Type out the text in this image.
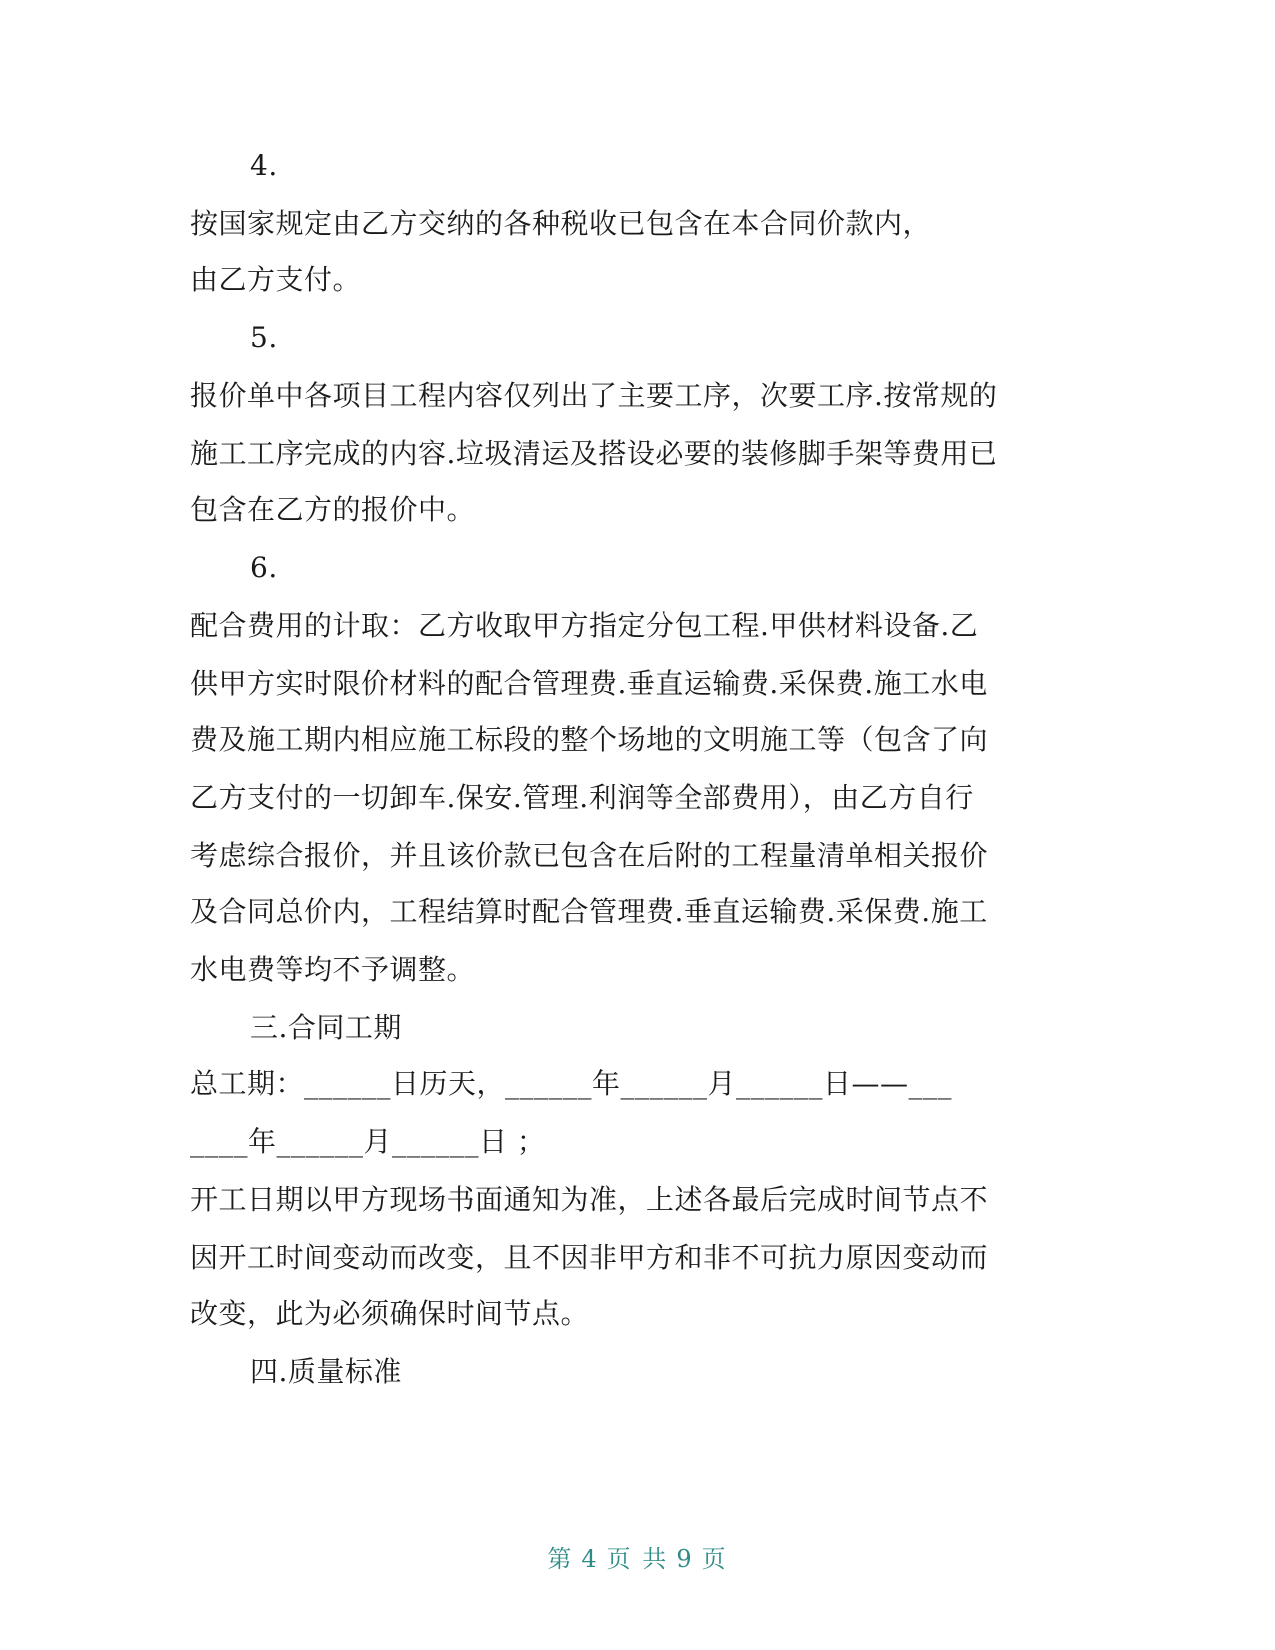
4.
按国家规定由乙方交纳的各种税收已包含在本合同价款内，
由乙方支付。
5.
报价单中各项目工程内容仅列出了主要工序，次要工序.按常规的
施工工序完成的内容.垃圾清运及搭设必要的装修脚手架等费用已
包含在乙方的报价中。
6.
配合费用的计取：乙方收取甲方指定分包工程.甲供材料设备.乙
供甲方实时限价材料的配合管理费.垂直运输费.采保费.施工水电
费及施工期内相应施工标段的整个场地的文明施工等（包含了向
乙方支付的一切卸车.保安.管理.利润等全部费用），由乙方自行
考虑综合报价，并且该价款已包含在后附的工程量清单相关报价
及合同总价内，工程结算时配合管理费.垂直运输费.采保费.施工
水电费等均不予调整。
三.合同工期
总工期：______日历天，______年______月______日——___
____年______月______日 ；
开工日期以甲方现场书面通知为准，上述各最后完成时间节点不
因开工时间变动而改变，且不因非甲方和非不可抗力原因变动而
改变，此为必须确保时间节点。
四.质量标准
第 4 页 共 9 页
